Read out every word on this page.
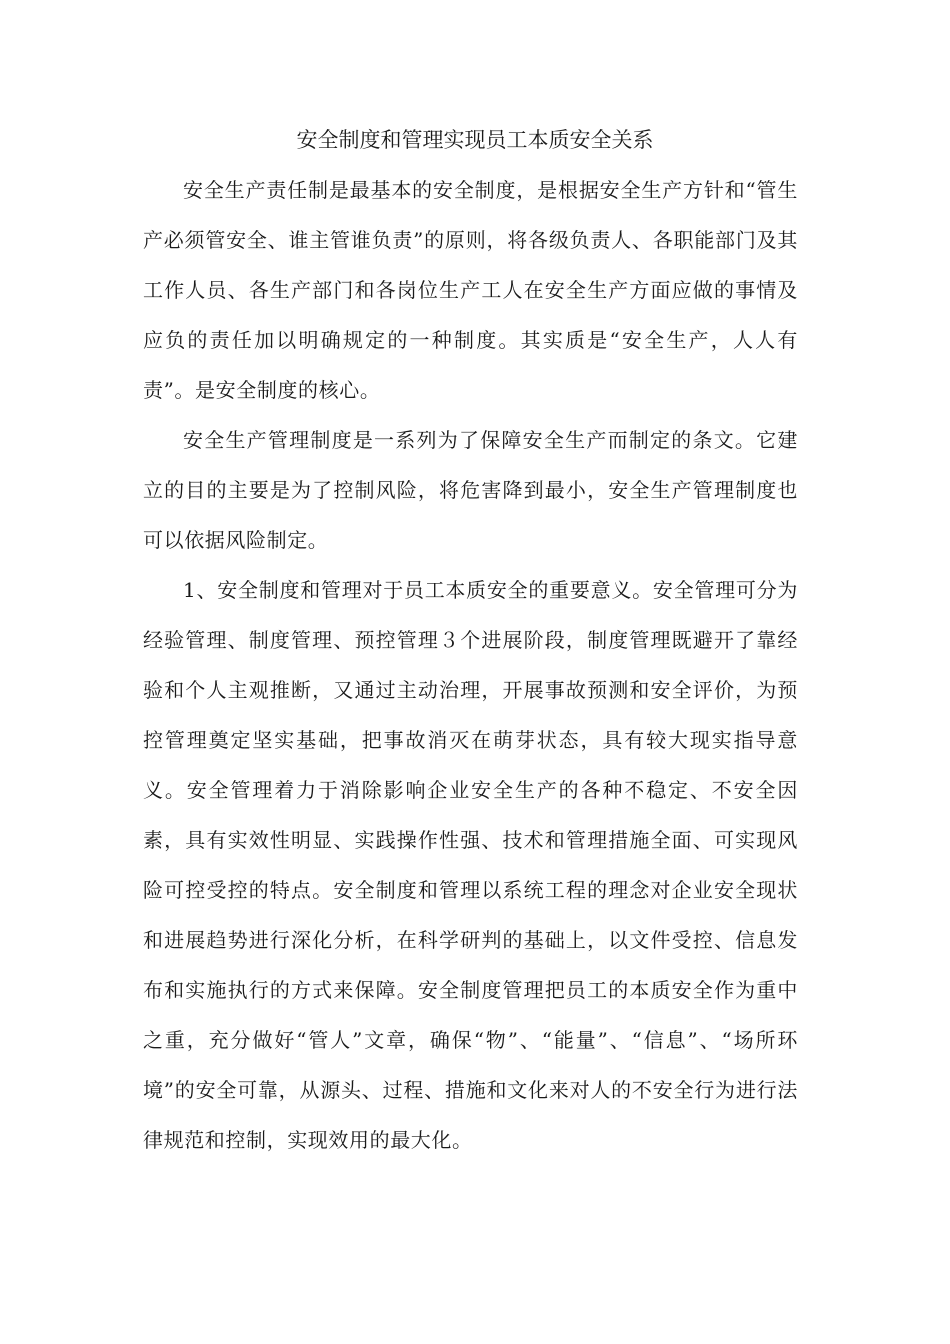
安全制度和管理实现员工本质安全关系

安全生产责任制是最基本的安全制度，是根据安全生产方针和“管生产必须管安全、谁主管谁负责”的原则，将各级负责人、各职能部门及其工作人员、各生产部门和各岗位生产工人在安全生产方面应做的事情及应负的责任加以明确规定的一种制度。其实质是“安全生产，人人有责”。是安全制度的核心。

安全生产管理制度是一系列为了保障安全生产而制定的条文。它建立的目的主要是为了控制风险，将危害降到最小，安全生产管理制度也可以依据风险制定。

1、安全制度和管理对于员工本质安全的重要意义。安全管理可分为经验管理、制度管理、预控管理３个进展阶段，制度管理既避开了靠经验和个人主观推断，又通过主动治理，开展事故预测和安全评价，为预控管理奠定坚实基础，把事故消灭在萌芽状态，具有较大现实指导意义。安全管理着力于消除影响企业安全生产的各种不稳定、不安全因素，具有实效性明显、实践操作性强、技术和管理措施全面、可实现风险可控受控的特点。安全制度和管理以系统工程的理念对企业安全现状和进展趋势进行深化分析，在科学研判的基础上，以文件受控、信息发布和实施执行的方式来保障。安全制度管理把员工的本质安全作为重中之重，充分做好“管人”文章，确保“物”、“能量”、“信息”、“场所环境”的安全可靠，从源头、过程、措施和文化来对人的不安全行为进行法律规范和控制，实现效用的最大化。
